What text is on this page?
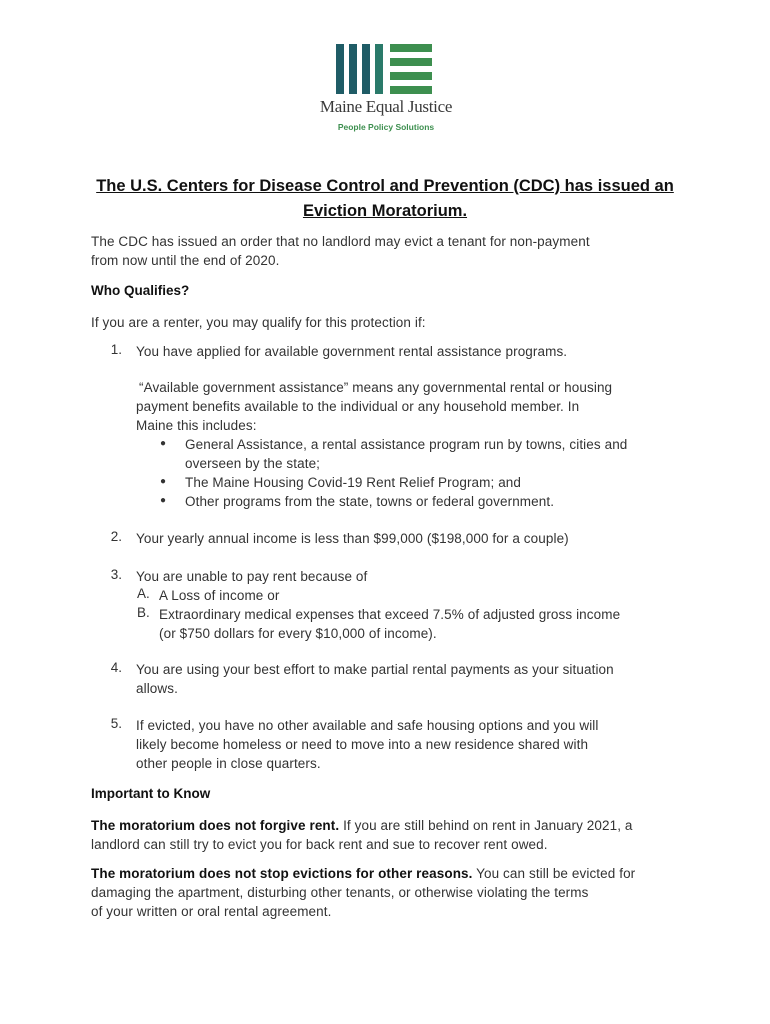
Maine Equal Justice
People Policy Solutions
The U.S. Centers for Disease Control and Prevention (CDC) has issued an
Eviction Moratorium.
The CDC has issued an order that no landlord may evict a tenant for non-payment
from now until the end of 2020.
Who Qualifies?
If you are a renter, you may qualify for this protection if:
1. You have applied for available government rental assistance programs.
“Available government assistance” means any governmental rental or housing
payment benefits available to the individual or any household member. In
Maine this includes:
● General Assistance, a rental assistance program run by towns, cities and
overseen by the state;
● The Maine Housing Covid-19 Rent Relief Program; and
● Other programs from the state, towns or federal government.
2. Your yearly annual income is less than $99,000 ($198,000 for a couple)
3. You are unable to pay rent because of
A. A Loss of income or
B. Extraordinary medical expenses that exceed 7.5% of adjusted gross income
(or $750 dollars for every $10,000 of income).
4. You are using your best effort to make partial rental payments as your situation
allows.
5. If evicted, you have no other available and safe housing options and you will
likely become homeless or need to move into a new residence shared with
other people in close quarters.
Important to Know
The moratorium does not forgive rent. If you are still behind on rent in January 2021, a
landlord can still try to evict you for back rent and sue to recover rent owed.
The moratorium does not stop evictions for other reasons. You can still be evicted for
damaging the apartment, disturbing other tenants, or otherwise violating the terms
of your written or oral rental agreement.
